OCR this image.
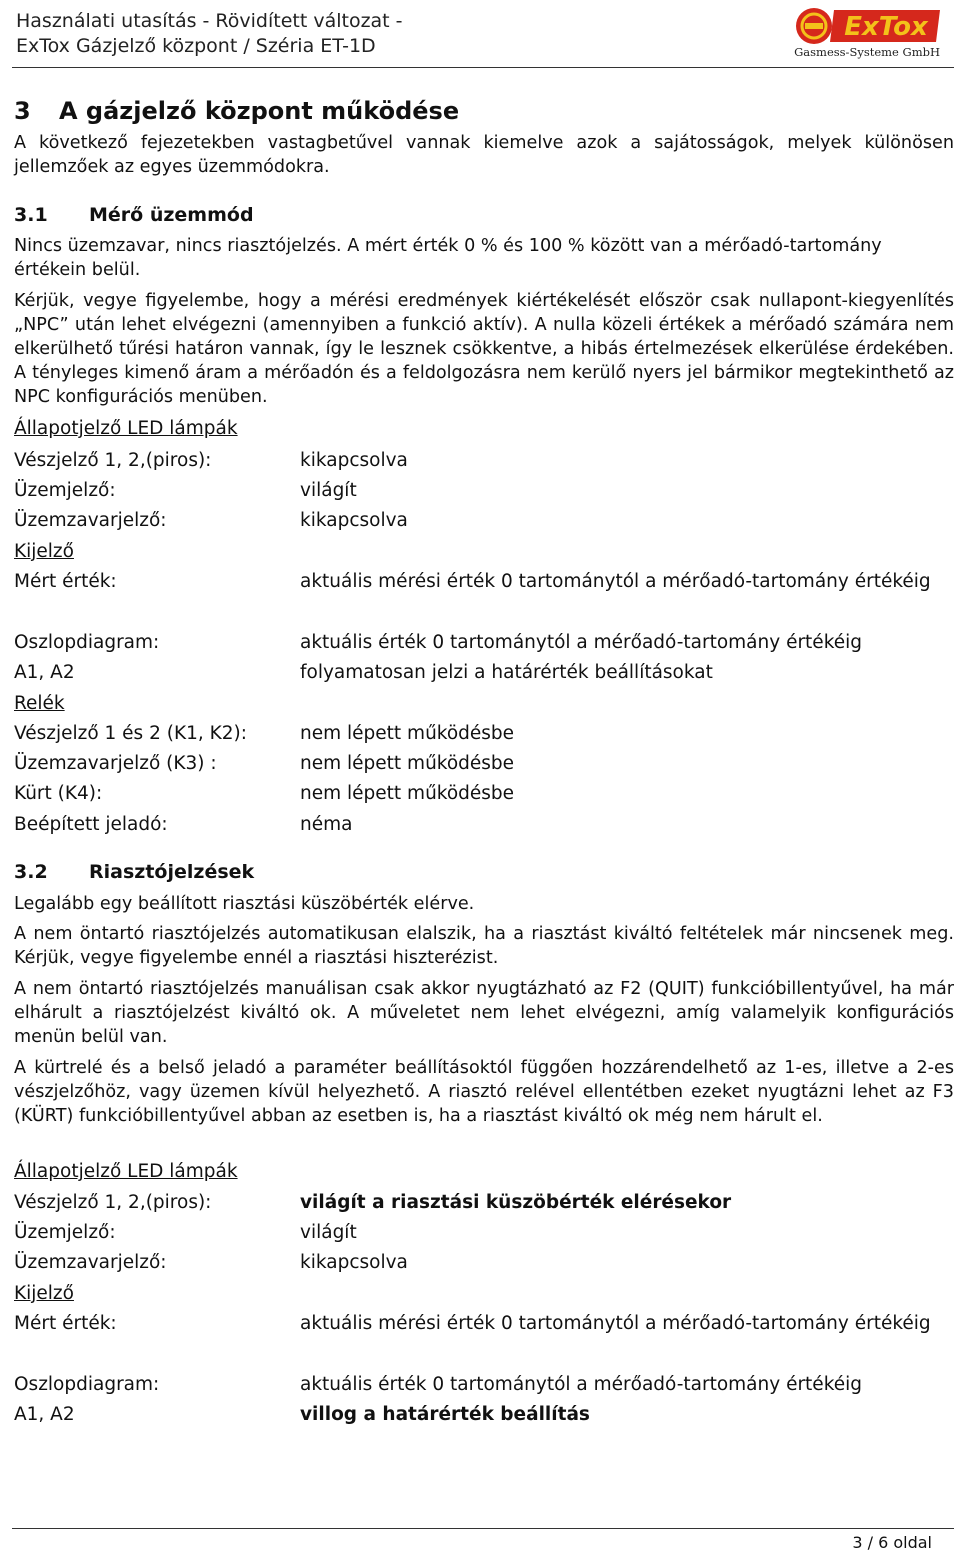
Használati utasítás - Rövidített változat -
ExTox Gázjelző központ / Széria ET-1D
ExTox
Gasmess-Systeme GmbH
3 A gázjelző központ működése

A következő fejezetekben vastagbetűvel vannak kiemelve azok a sajátosságok, melyek különösen jellemzőek az egyes üzemmódokra.

3.1 Mérő üzemmód

Nincs üzemzavar, nincs riasztójelzés. A mért érték 0 % és 100 % között van a mérőadó-tartomány értékein belül.

Kérjük, vegye figyelembe, hogy a mérési eredmények kiértékelését először csak nullapont-kiegyenlítés „NPC” után lehet elvégezni (amennyiben a funkció aktív). A nulla közeli értékek a mérőadó számára nem elkerülhető tűrési határon vannak, így le lesznek csökkentve, a hibás értelmezések elkerülése érdekében. A tényleges kimenő áram a mérőadón és a feldolgozásra nem kerülő nyers jel bármikor megtekinthető az NPC konfigurációs menüben.

Állapotjelző LED lámpák
Vészjelző 1, 2,(piros):	kikapcsolva
Üzemjelző:	világít
Üzemzavarjelző:	kikapcsolva
Kijelző
Mért érték:	aktuális mérési érték 0 tartománytól a mérőadó-tartomány értékéig
Oszlopdiagram:	aktuális érték 0 tartománytól a mérőadó-tartomány értékéig
A1, A2	folyamatosan jelzi a határérték beállításokat
Relék
Vészjelző 1 és 2 (K1, K2):	nem lépett működésbe
Üzemzavarjelző (K3) :	nem lépett működésbe
Kürt (K4):	nem lépett működésbe
Beépített jeladó:	néma
3.2 Riasztójelzések

Legalább egy beállított riasztási küszöbérték elérve.

A nem öntartó riasztójelzés automatikusan elalszik, ha a riasztást kiváltó feltételek már nincsenek meg. Kérjük, vegye figyelembe ennél a riasztási hiszterézist.

A nem öntartó riasztójelzés manuálisan csak akkor nyugtázható az F2 (QUIT) funkcióbillentyűvel, ha már elhárult a riasztójelzést kiváltó ok. A műveletet nem lehet elvégezni, amíg valamelyik konfigurációs menün belül van.

A kürtrelé és a belső jeladó a paraméter beállításoktól függően hozzárendelhető az 1-es, illetve a 2-es vészjelzőhöz, vagy üzemen kívül helyezhető. A riasztó relével ellentétben ezeket nyugtázni lehet az F3 (KÜRT) funkcióbillentyűvel abban az esetben is, ha a riasztást kiváltó ok még nem hárult el.

Állapotjelző LED lámpák
Vészjelző 1, 2,(piros):	világít a riasztási küszöbérték elérésekor
Üzemjelző:	világít
Üzemzavarjelző:	kikapcsolva
Kijelző
Mért érték:	aktuális mérési érték 0 tartománytól a mérőadó-tartomány értékéig
Oszlopdiagram:	aktuális érték 0 tartománytól a mérőadó-tartomány értékéig
A1, A2	villog a határérték beállítás
3 / 6 oldal
